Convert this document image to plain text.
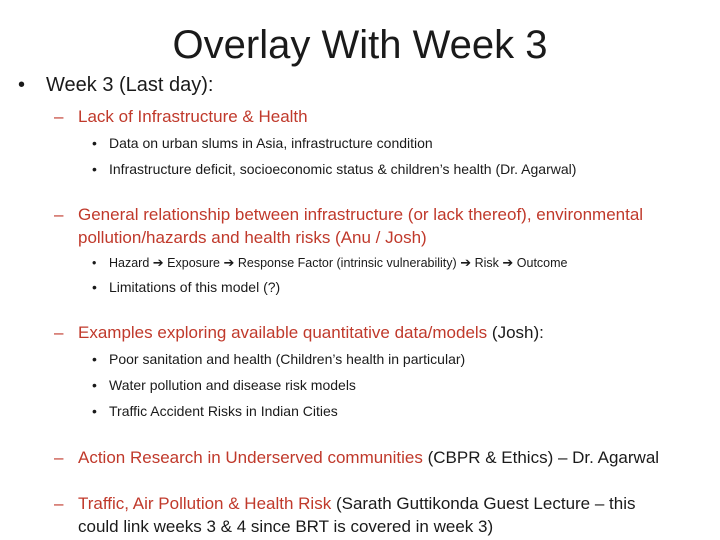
Overlay With Week 3
• Week 3 (Last day):
– Lack of Infrastructure & Health
• Data on urban slums in Asia, infrastructure condition
• Infrastructure deficit, socioeconomic status & children’s health (Dr. Agarwal)
– General relationship between infrastructure (or lack thereof), environmental
pollution/hazards and health risks (Anu / Josh)
• Hazard ➔ Exposure ➔ Response Factor (intrinsic vulnerability) ➔ Risk ➔ Outcome
• Limitations of this model (?)
– Examples exploring available quantitative data/models (Josh):
• Poor sanitation and health (Children’s health in particular)
• Water pollution and disease risk models
• Traffic Accident Risks in Indian Cities
– Action Research in Underserved communities (CBPR & Ethics) – Dr. Agarwal
– Traffic, Air Pollution & Health Risk (Sarath Guttikonda Guest Lecture – this
could link weeks 3 & 4 since BRT is covered in week 3)
